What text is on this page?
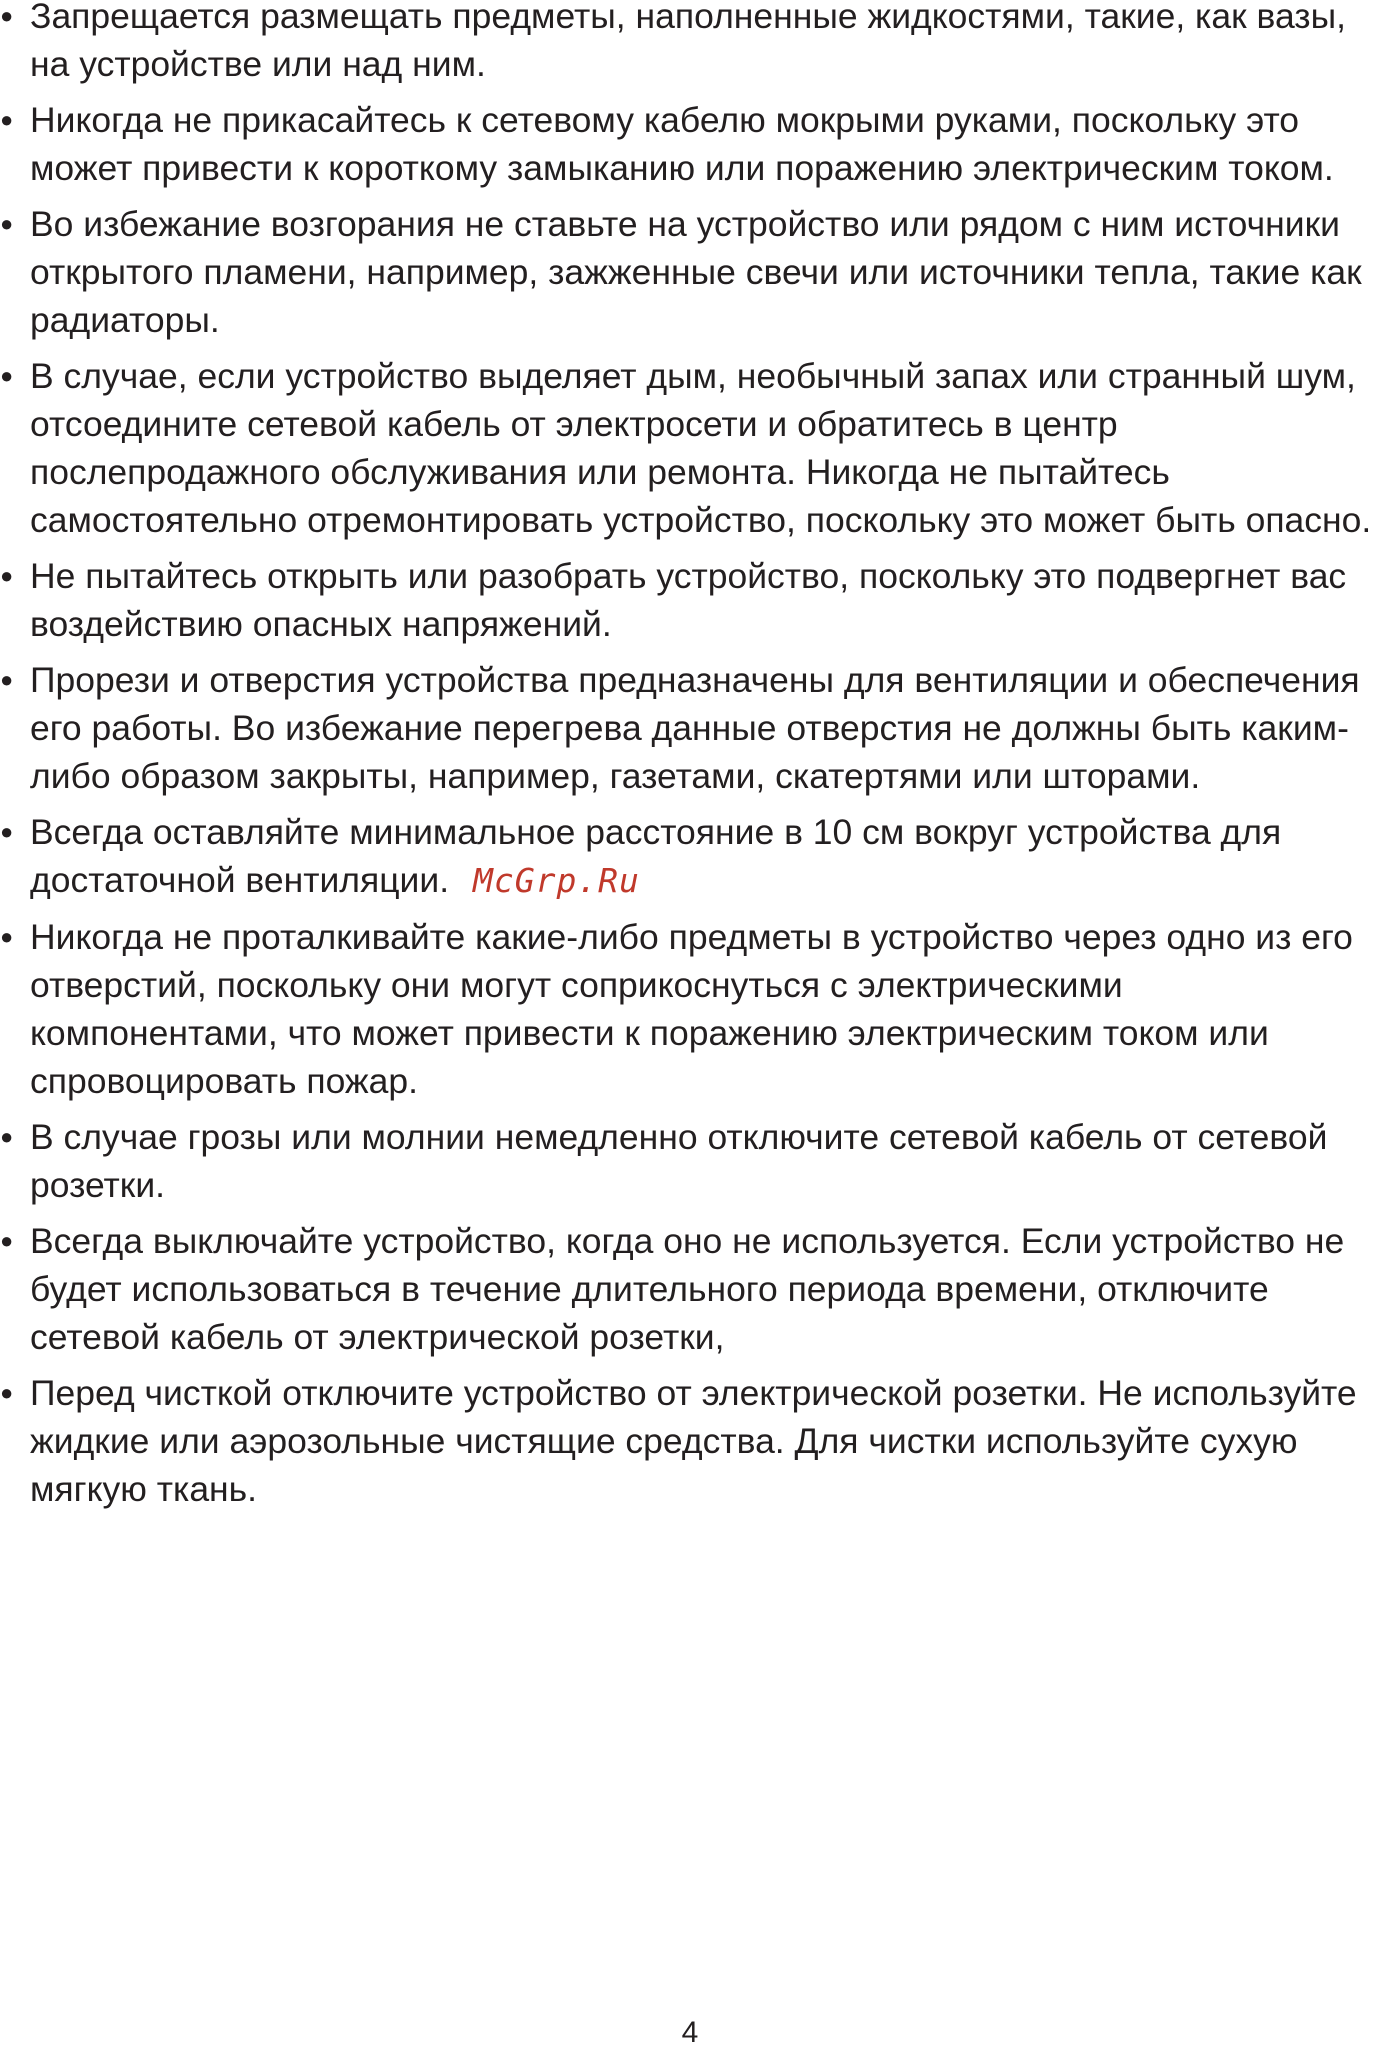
● Запрещается размещать предметы, наполненные жидкостями, такие, как вазы, на устройстве или над ним.
● Никогда не прикасайтесь к сетевому кабелю мокрыми руками, поскольку это может привести к короткому замыканию или поражению электрическим током.
● Во избежание возгорания не ставьте на устройство или рядом с ним источники открытого пламени, например, зажженные свечи или источники тепла, такие как радиаторы.
● В случае, если устройство выделяет дым, необычный запах или странный шум, отсоедините сетевой кабель от электросети и обратитесь в центр послепродажного обслуживания или ремонта. Никогда не пытайтесь самостоятельно отремонтировать устройство, поскольку это может быть опасно.
● Не пытайтесь открыть или разобрать устройство, поскольку это подвергнет вас воздействию опасных напряжений.
● Прорези и отверстия устройства предназначены для вентиляции и обеспечения его работы. Во избежание перегрева данные отверстия не должны быть каким-либо образом закрыты, например, газетами, скатертями или шторами.
● Всегда оставляйте минимальное расстояние в 10 см вокруг устройства для достаточной вентиляции. McGrp.Ru
● Никогда не проталкивайте какие-либо предметы в устройство через одно из его отверстий, поскольку они могут соприкоснуться с электрическими компонентами, что может привести к поражению электрическим током или спровоцировать пожар.
● В случае грозы или молнии немедленно отключите сетевой кабель от сетевой розетки.
● Всегда выключайте устройство, когда оно не используется. Если устройство не будет использоваться в течение длительного периода времени, отключите сетевой кабель от электрической розетки,
● Перед чисткой отключите устройство от электрической розетки. Не используйте жидкие или аэрозольные чистящие средства. Для чистки используйте сухую мягкую ткань.
4
